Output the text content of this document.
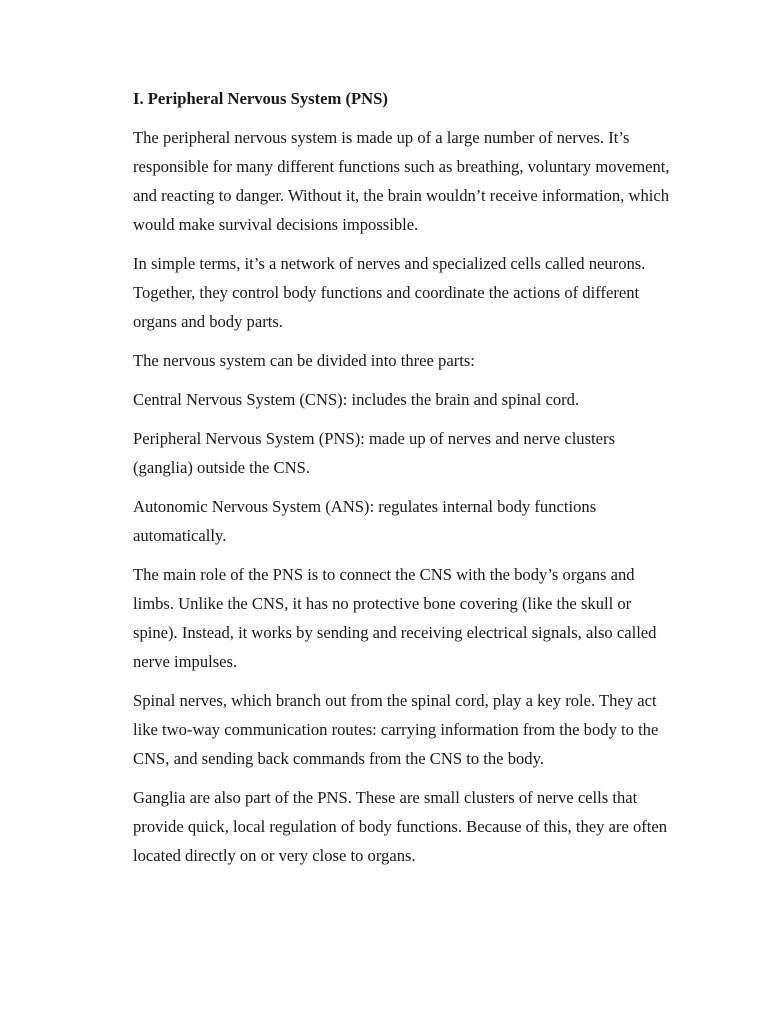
I. Peripheral Nervous System (PNS)

The peripheral nervous system is made up of a large number of nerves. It’s responsible for many different functions such as breathing, voluntary movement, and reacting to danger. Without it, the brain wouldn’t receive information, which would make survival decisions impossible.

In simple terms, it’s a network of nerves and specialized cells called neurons. Together, they control body functions and coordinate the actions of different organs and body parts.

The nervous system can be divided into three parts:

Central Nervous System (CNS): includes the brain and spinal cord.

Peripheral Nervous System (PNS): made up of nerves and nerve clusters (ganglia) outside the CNS.

Autonomic Nervous System (ANS): regulates internal body functions automatically.

The main role of the PNS is to connect the CNS with the body’s organs and limbs. Unlike the CNS, it has no protective bone covering (like the skull or spine). Instead, it works by sending and receiving electrical signals, also called nerve impulses.

Spinal nerves, which branch out from the spinal cord, play a key role. They act like two-way communication routes: carrying information from the body to the CNS, and sending back commands from the CNS to the body.

Ganglia are also part of the PNS. These are small clusters of nerve cells that provide quick, local regulation of body functions. Because of this, they are often located directly on or very close to organs.
